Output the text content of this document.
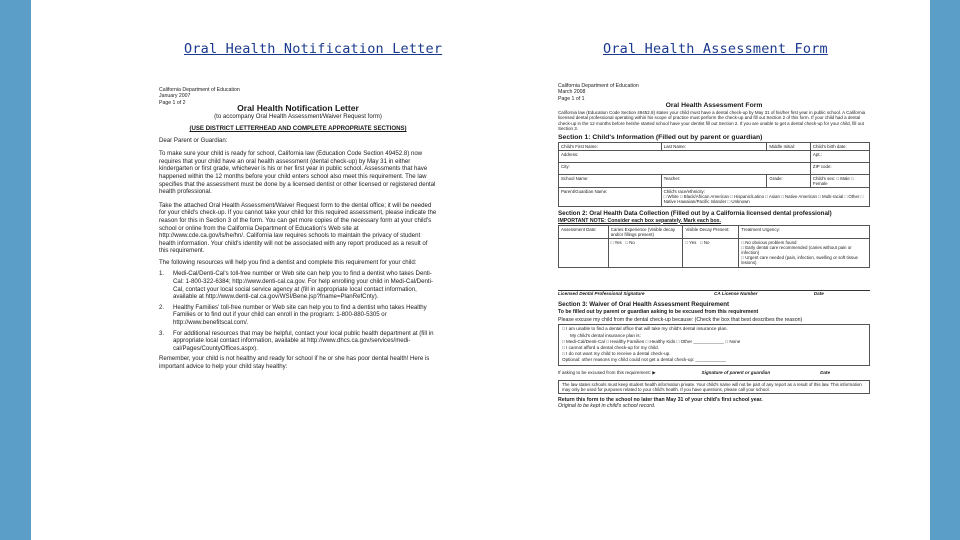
Oral Health Notification Letter	Oral Health Assessment Form

California Department of Education

January 2007

Page 1 of 2

Oral Health Notification Letter

(to accompany Oral Health Assessment/Waiver Request form)

(USE DISTRICT LETTERHEAD AND COMPLETE APPROPRIATE SECTIONS)

Dear Parent or Guardian:

To make sure your child is ready for school, California law (Education Code Section 49452.8) now requires that your child have an oral health assessment (dental check-up) by May 31 in either kindergarten or first grade, whichever is his or her first year in public school. Assessments that have happened within the 12 months before your child enters school also meet this requirement. The law specifies that the assessment must be done by a licensed dentist or other licensed or registered dental health professional.

Take the attached Oral Health Assessment/Waiver Request form to the dental office; it will be needed for your child's check-up. If you cannot take your child for this required assessment, please indicate the reason for this in Section 3 of the form. You can get more copies of the necessary form at your child's school or online from the California Department of Education's Web site at http://www.cde.ca.gov/ls/he/hn/. California law requires schools to maintain the privacy of student health information. Your child's identity will not be associated with any report produced as a result of this requirement.

The following resources will help you find a dentist and complete this requirement for your child:

1.	Medi-Cal/Denti-Cal's toll-free number or Web site can help you to find a dentist who takes Denti-Cal: 1-800-322-6384; http://www.denti-cal.ca.gov. For help enrolling your child in Medi-Cal/Denti-Cal, contact your local social service agency at (fill in appropriate local contact information, available at http://www.denti-cal.ca.gov/WSI/Bene.jsp?fname=PlanRefCnty).
2.	Healthy Families' toll-free number or Web site can help you to find a dentist who takes Healthy Families or to find out if your child can enroll in the program: 1-800-880-5305 or http://www.benefitscal.com/.
3.	For additional resources that may be helpful, contact your local public health department at (fill in appropriate local contact information, available at http://www.dhcs.ca.gov/services/medi-cal/Pages/CountyOffices.aspx).

Remember, your child is not healthy and ready for school if he or she has poor dental health! Here is important advice to help your child stay healthy:

California Department of Education

March 2008

Page 1 of 1

Oral Health Assessment Form

California law (Education Code Section 49452.8) states your child must have a dental check-up by May 31 of his/her first year in public school. A California licensed dental professional operating within his scope of practice must perform the check-up and fill out Section 2 of this form. If your child had a dental check-up in the 12 months before he/she started school have your dentist fill out Section 2. If you are unable to get a dental check-up for your child, fill out Section 3.

Section 1: Child's Information (Filled out by parent or guardian)

Child's First Name:	Last Name:	Middle Initial:	Child's birth date:
Address:			Apt.:
City:			ZIP code:
School Name:	Teacher:	Grade:	Child's sex: □ Male □ Female
Parent/Guardian Name:	Child's race/ethnicity:
□ White □ Black/African American □ Hispanic/Latino □ Asian □ Native American □ Multi-racial □ Other □ Native Hawaiian/Pacific Islander □ Unknown		

Section 2: Oral Health Data Collection (Filled out by a California licensed dental professional)

IMPORTANT NOTE: Consider each box separately. Mark each box.

Assessment Date:	Caries Experience (Visible decay and/or fillings present)	Visible Decay Present:	Treatment Urgency:
	□ Yes   □ No	□ Yes   □ No	□ No obvious problem found
□ Early dental care recommended (caries without pain or infection)
□ Urgent care needed (pain, infection, swelling or soft tissue lesions)
Licensed Dental Professional Signature	CA License Number	Date

Section 3: Waiver of Oral Health Assessment Requirement

To be filled out by parent or guardian asking to be excused from this requirement

Please excuse my child from the dental check-up because: (Check the box that best describes the reason)

□ I am unable to find a dental office that will take my child's dental insurance plan.
My child's dental insurance plan is:
□ Medi-Cal/Denti-Cal □ Healthy Families □ Healthy Kids □ Other ____________ □ None
□ I cannot afford a dental check-up for my child.
□ I do not want my child to receive a dental check-up.
Optional: other reasons my child could not get a dental check-up: ____________
If asking to be excused from this requirement: ▶	Signature of parent or guardian	Date

The law states schools must keep student health information private. Your child's name will not be part of any report as a result of this law. This information may only be used for purposes related to your child's health. If you have questions, please call your school.

Return this form to the school no later than May 31 of your child's first school year.

Original to be kept in child's school record.
